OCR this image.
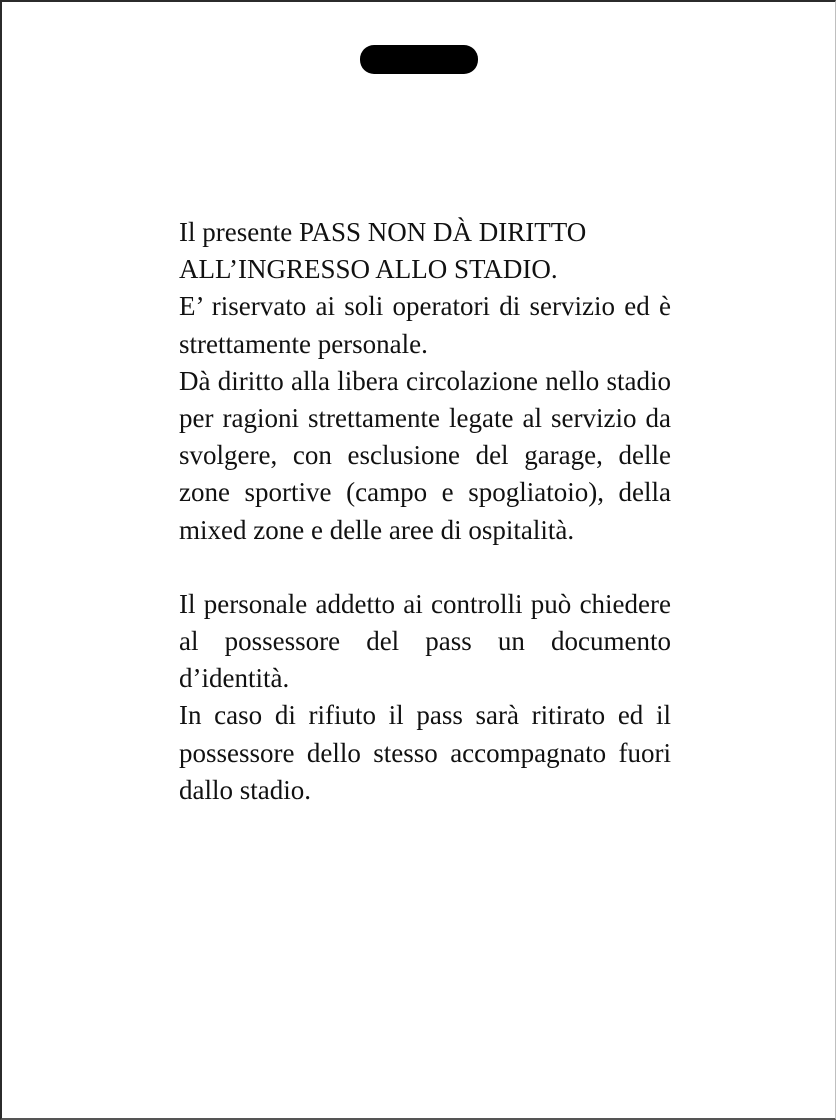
Il presente PASS NON DÀ DIRITTO

ALL’INGRESSO ALLO STADIO.

E’ riservato ai soli operatori di servizio ed è strettamente personale.

Dà diritto alla libera circolazione nello stadio per ragioni strettamente legate al servizio da svolgere, con esclusione del garage, delle zone sportive (campo e spogliatoio), della mixed zone e delle aree di ospitalità.

Il personale addetto ai controlli può chiedere al possessore del pass un documento d’identità.

In caso di rifiuto il pass sarà ritirato ed il possessore dello stesso accompagnato fuori dallo stadio.
